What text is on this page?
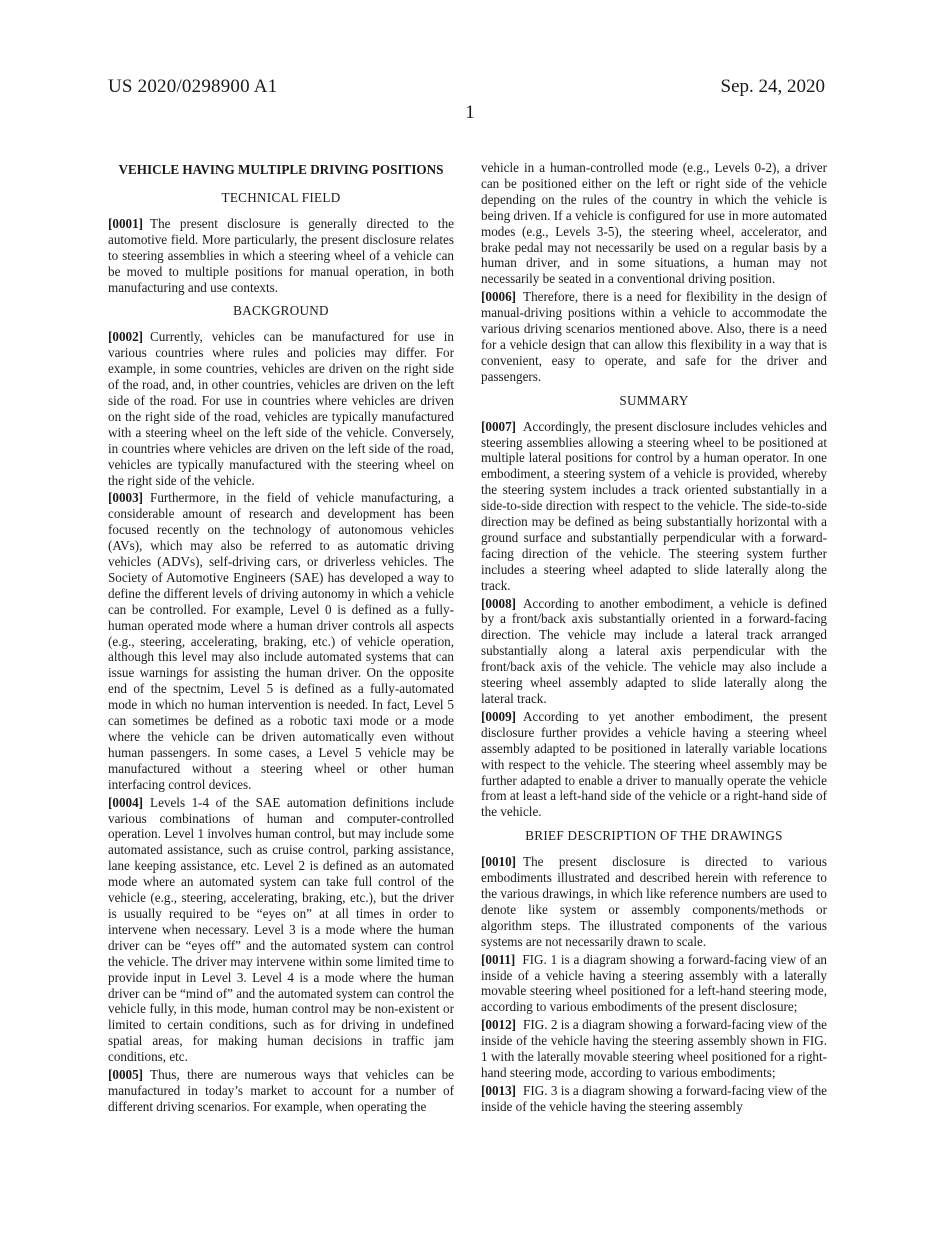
US 2020/0298900 A1	Sep. 24, 2020
1
VEHICLE HAVING MULTIPLE DRIVING POSITIONS
TECHNICAL FIELD

[0001] The present disclosure is generally directed to the automotive field. More particularly, the present disclosure relates to steering assemblies in which a steering wheel of a vehicle can be moved to multiple positions for manual operation, in both manufacturing and use contexts.

BACKGROUND

[0002] Currently, vehicles can be manufactured for use in various countries where rules and policies may differ. For example, in some countries, vehicles are driven on the right side of the road, and, in other countries, vehicles are driven on the left side of the road. For use in countries where vehicles are driven on the right side of the road, vehicles are typically manufactured with a steering wheel on the left side of the vehicle. Conversely, in countries where vehicles are driven on the left side of the road, vehicles are typically manufactured with the steering wheel on the right side of the vehicle.

[0003] Furthermore, in the field of vehicle manufacturing, a considerable amount of research and development has been focused recently on the technology of autonomous vehicles (AVs), which may also be referred to as automatic driving vehicles (ADVs), self-driving cars, or driverless vehicles. The Society of Automotive Engineers (SAE) has developed a way to define the different levels of driving autonomy in which a vehicle can be controlled. For example, Level 0 is defined as a fully-human operated mode where a human driver controls all aspects (e.g., steering, accelerating, braking, etc.) of vehicle operation, although this level may also include automated systems that can issue warnings for assisting the human driver. On the opposite end of the spectnim, Level 5 is defined as a fully-automated mode in which no human intervention is needed. In fact, Level 5 can sometimes be defined as a robotic taxi mode or a mode where the vehicle can be driven automatically even without human passengers. In some cases, a Level 5 vehicle may be manufactured without a steering wheel or other human interfacing control devices.

[0004] Levels 1-4 of the SAE automation definitions include various combinations of human and computer-controlled operation. Level 1 involves human control, but may include some automated assistance, such as cruise control, parking assistance, lane keeping assistance, etc. Level 2 is defined as an automated mode where an automated system can take full control of the vehicle (e.g., steering, accelerating, braking, etc.), but the driver is usually required to be “eyes on” at all times in order to intervene when necessary. Level 3 is a mode where the human driver can be “eyes off” and the automated system can control the vehicle. The driver may intervene within some limited time to provide input in Level 3. Level 4 is a mode where the human driver can be “mind of” and the automated system can control the vehicle fully, in this mode, human control may be non-existent or limited to certain conditions, such as for driving in undefined spatial areas, for making human decisions in traffic jam conditions, etc.

[0005] Thus, there are numerous ways that vehicles can be manufactured in today’s market to account for a number of different driving scenarios. For example, when operating the

vehicle in a human-controlled mode (e.g., Levels 0-2), a driver can be positioned either on the left or right side of the vehicle depending on the rules of the country in which the vehicle is being driven. If a vehicle is configured for use in more automated modes (e.g., Levels 3-5), the steering wheel, accelerator, and brake pedal may not necessarily be used on a regular basis by a human driver, and in some situations, a human may not necessarily be seated in a conventional driving position.

[0006] Therefore, there is a need for flexibility in the design of manual-driving positions within a vehicle to accommodate the various driving scenarios mentioned above. Also, there is a need for a vehicle design that can allow this flexibility in a way that is convenient, easy to operate, and safe for the driver and passengers.

SUMMARY

[0007] Accordingly, the present disclosure includes vehicles and steering assemblies allowing a steering wheel to be positioned at multiple lateral positions for control by a human operator. In one embodiment, a steering system of a vehicle is provided, whereby the steering system includes a track oriented substantially in a side-to-side direction with respect to the vehicle. The side-to-side direction may be defined as being substantially horizontal with a ground surface and substantially perpendicular with a forward-facing direction of the vehicle. The steering system further includes a steering wheel adapted to slide laterally along the track.

[0008] According to another embodiment, a vehicle is defined by a front/back axis substantially oriented in a forward-facing direction. The vehicle may include a lateral track arranged substantially along a lateral axis perpendicular with the front/back axis of the vehicle. The vehicle may also include a steering wheel assembly adapted to slide laterally along the lateral track.

[0009] According to yet another embodiment, the present disclosure further provides a vehicle having a steering wheel assembly adapted to be positioned in laterally variable locations with respect to the vehicle. The steering wheel assembly may be further adapted to enable a driver to manually operate the vehicle from at least a left-hand side of the vehicle or a right-hand side of the vehicle.

BRIEF DESCRIPTION OF THE DRAWINGS

[0010] The present disclosure is directed to various embodiments illustrated and described herein with reference to the various drawings, in which like reference numbers are used to denote like system or assembly components/methods or algorithm steps. The illustrated components of the various systems are not necessarily drawn to scale.

[0011] FIG. 1 is a diagram showing a forward-facing view of an inside of a vehicle having a steering assembly with a laterally movable steering wheel positioned for a left-hand steering mode, according to various embodiments of the present disclosure;

[0012] FIG. 2 is a diagram showing a forward-facing view of the inside of the vehicle having the steering assembly shown in FIG. 1 with the laterally movable steering wheel positioned for a right-hand steering mode, according to various embodiments;

[0013] FIG. 3 is a diagram showing a forward-facing view of the inside of the vehicle having the steering assembly
